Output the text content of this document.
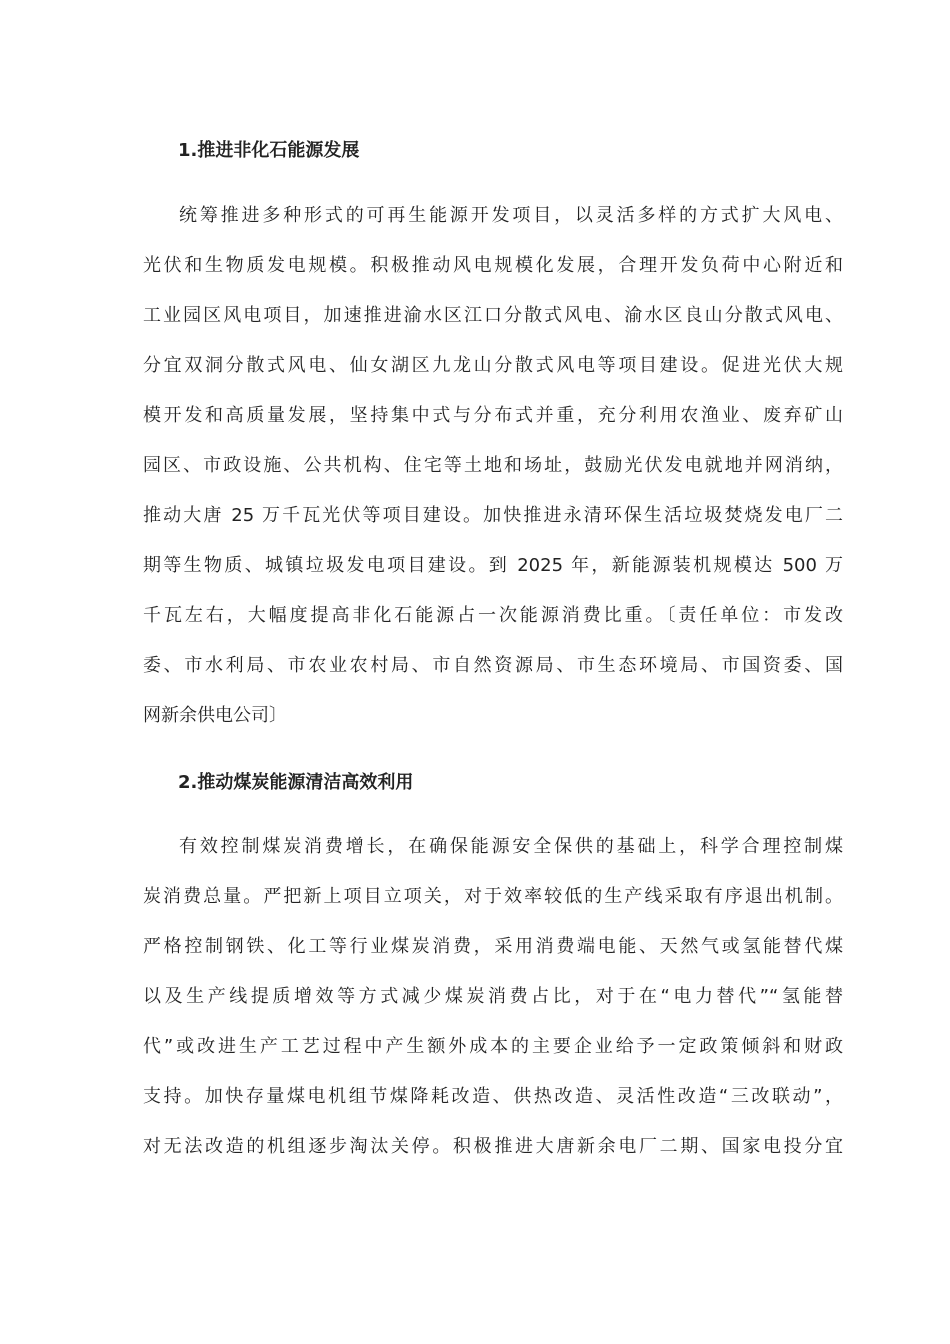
1.推进非化石能源发展
统筹推进多种形式的可再生能源开发项目，以灵活多样的方式扩大风电、
光伏和生物质发电规模。积极推动风电规模化发展，合理开发负荷中心附近和
工业园区风电项目，加速推进渝水区江口分散式风电、渝水区良山分散式风电、
分宜双洞分散式风电、仙女湖区九龙山分散式风电等项目建设。促进光伏大规
模开发和高质量发展，坚持集中式与分布式并重，充分利用农渔业、废弃矿山
园区、市政设施、公共机构、住宅等土地和场址，鼓励光伏发电就地并网消纳，
推动大唐 25 万千瓦光伏等项目建设。加快推进永清环保生活垃圾焚烧发电厂二
期等生物质、城镇垃圾发电项目建设。到 2025 年，新能源装机规模达 500 万
千瓦左右，大幅度提高非化石能源占一次能源消费比重。〔责任单位：市发改
委、市水利局、市农业农村局、市自然资源局、市生态环境局、市国资委、国
网新余供电公司〕
2.推动煤炭能源清洁高效利用
有效控制煤炭消费增长，在确保能源安全保供的基础上，科学合理控制煤
炭消费总量。严把新上项目立项关，对于效率较低的生产线采取有序退出机制。
严格控制钢铁、化工等行业煤炭消费，采用消费端电能、天然气或氢能替代煤
以及生产线提质增效等方式减少煤炭消费占比，对于在“电力替代”“氢能替
代”或改进生产工艺过程中产生额外成本的主要企业给予一定政策倾斜和财政
支持。加快存量煤电机组节煤降耗改造、供热改造、灵活性改造“三改联动”，
对无法改造的机组逐步淘汰关停。积极推进大唐新余电厂二期、国家电投分宜
